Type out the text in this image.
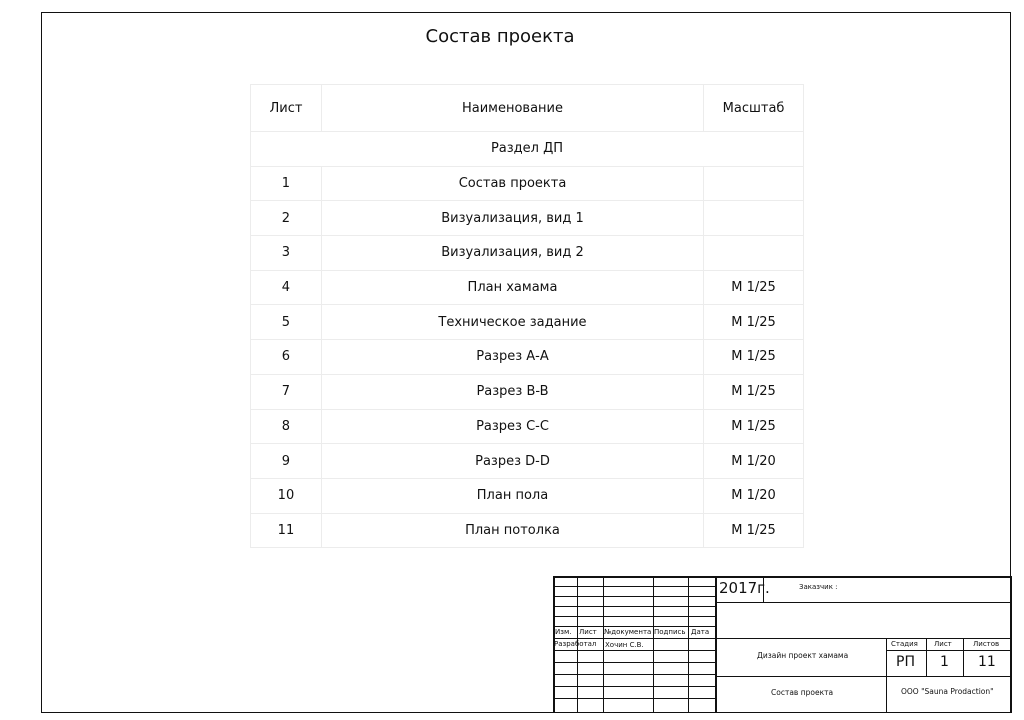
Состав проекта
Лист	Наименование	Масштаб
Раздел ДП		
1	Состав проекта	
2	Визуализация, вид 1	
3	Визуализация, вид 2	
4	План хамама	М 1/25
5	Техническое задание	М 1/25
6	Разрез А-А	М 1/25
7	Разрез B-B	М 1/25
8	Разрез C-C	М 1/25
9	Разрез D-D	М 1/20
10	План пола	М 1/20
11	План потолка	М 1/25
2017г.	Заказчик :
Изм. Лист №документа Подпись Дата
Разработал Хочин С.В.
Дизайн проект хамама
Стадия Лист	Листов
РП 1 11
Состав проекта	ООО "Sauna Prodaction"
